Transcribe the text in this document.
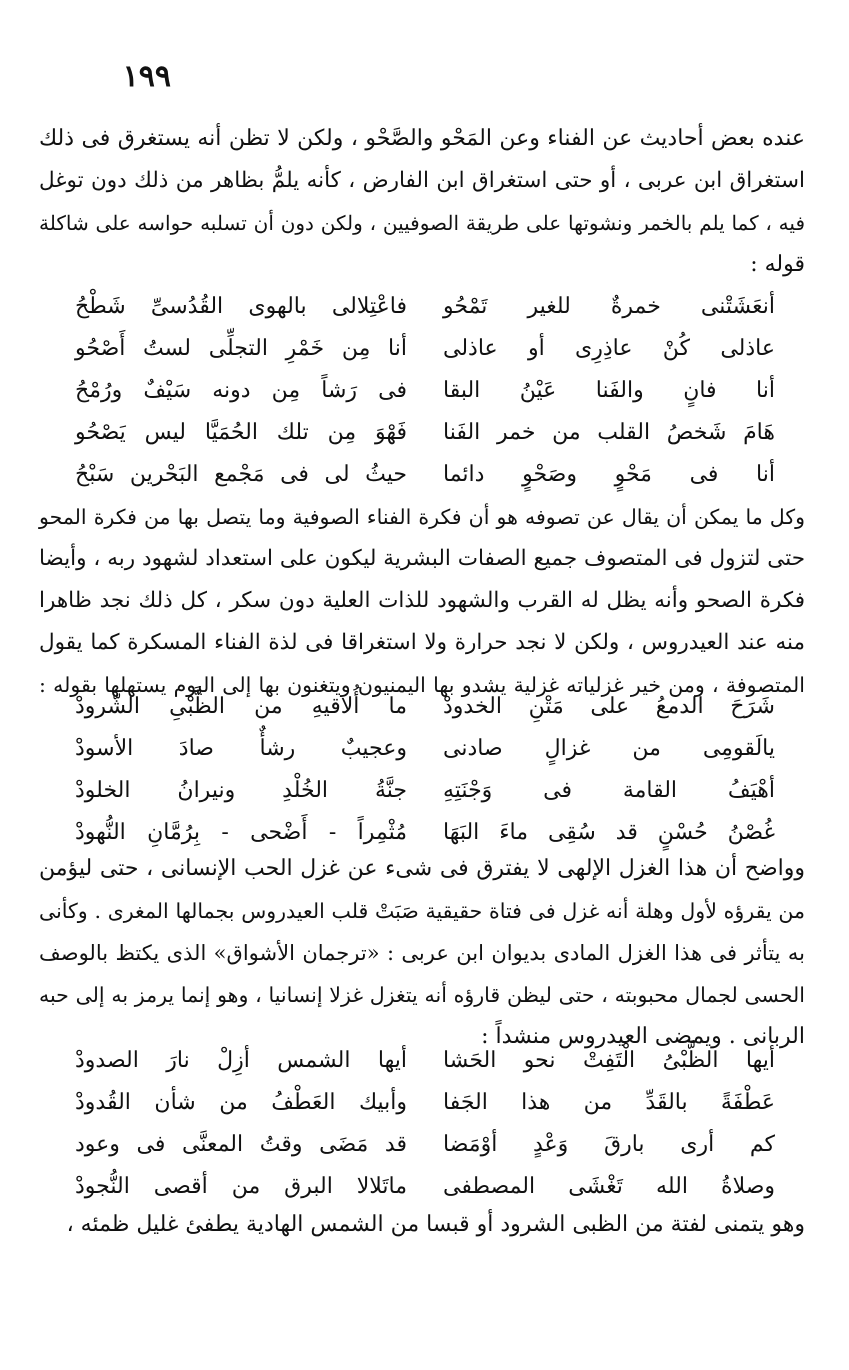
١٩٩
عنده بعض أحاديث عن الفناء وعن المَحْو والصَّحْو ، ولكن لا تظن أنه يستغرق فى ذلك
استغراق ابن عربى ، أو حتى استغراق ابن الفارض ، كأنه يلمُّ بظاهر من ذلك دون توغل
فيه ، كما يلم بالخمر ونشوتها على طريقة الصوفيين ، ولكن دون أن تسلبه حواسه على شاكلة
قوله :
أنعَشَتْنى خمرةٌ للغير تَمْحُو
فاعْتِلالى بالهوى القُدُسىِّ شَطْحُ
عاذلى كُنْ عاذِرِى أو عاذلى
أنا مِن خَمْرِ التجلِّى لستُ أَصْحُو
أنا فانٍ والفَنا عَيْنُ البقا
فى رَشاً مِن دونه سَيْفٌ ورُمْحُ
هَامَ شَخصُ القلب من خمر الفَنا
فَهْوَ مِن تلك الحُمَيَّا ليس يَصْحُو
أنا فى مَحْوٍ وصَحْوٍ دائما
حيثُ لى فى مَجْمع البَحْرين سَبْحُ
وكل ما يمكن أن يقال عن تصوفه هو أن فكرة الفناء الصوفية وما يتصل بها من فكرة المحو
حتى لتزول فى المتصوف جميع الصفات البشرية ليكون على استعداد لشهود ربه ، وأيضا
فكرة الصحو وأنه يظل له القرب والشهود للذات العلية دون سكر ، كل ذلك نجد ظاهرا
منه عند العيدروس ، ولكن لا نجد حرارة ولا استغراقا فى لذة الفناء المسكرة كما يقول
المتصوفة ، ومن خير غزلياته غزلية يشدو بها اليمنيون ويتغنون بها إلى اليوم يستهلها بقوله :
شَرَحَ الدمعُ على مَتْنِ الخدودْ
ما أُلاقيهِ من الظَّبْىِ الشَّرودْ
يالَقومِى من غزالٍ صادنى
وعجيبٌ رشأٌ صادَ الأسودْ
أهْيَفُ القامة فى وَجْنَتِهِ
جنَّةُ الخُلْدِ ونيرانُ الخلودْ
غُصْنُ حُسْنٍ قد سُقِى ماءَ البَهَا
مُثْمِراً - أَضْحى - بِرُمَّانِ النُّهودْ
وواضح أن هذا الغزل الإلهى لا يفترق فى شىء عن غزل الحب الإنسانى ، حتى ليؤمن
من يقرؤه لأول وهلة أنه غزل فى فتاة حقيقية صَبَتْ قلب العيدروس بجمالها المغرى . وكأنى
به يتأثر فى هذا الغزل المادى بديوان ابن عربى : «ترجمان الأشواق» الذى يكتظ بالوصف
الحسى لجمال محبوبته ، حتى ليظن قارؤه أنه يتغزل غزلا إنسانيا ، وهو إنما يرمز به إلى حبه
الربانى . ويمضى العيدروس منشداً :
أيها الظَّبْىُ الْتَفِتْ نحو الحَشا
أيها الشمس أزِلْ نارَ الصدودْ
عَطْفَةً بالقَدِّ من هذا الجَفا
وأبيك العَطْفُ من شأن القُدودْ
كم أرى بارقَ وَعْدٍ أوْمَضا
قد مَضَى وقتُ المعنَّى فى وعود
وصلاةُ الله تَغْشَى المصطفى
ماتَلالا البرق من أقصى النُّجودْ
وهو يتمنى لفتة من الظبى الشرود أو قبسا من الشمس الهادية يطفئ غليل ظمئه ،
